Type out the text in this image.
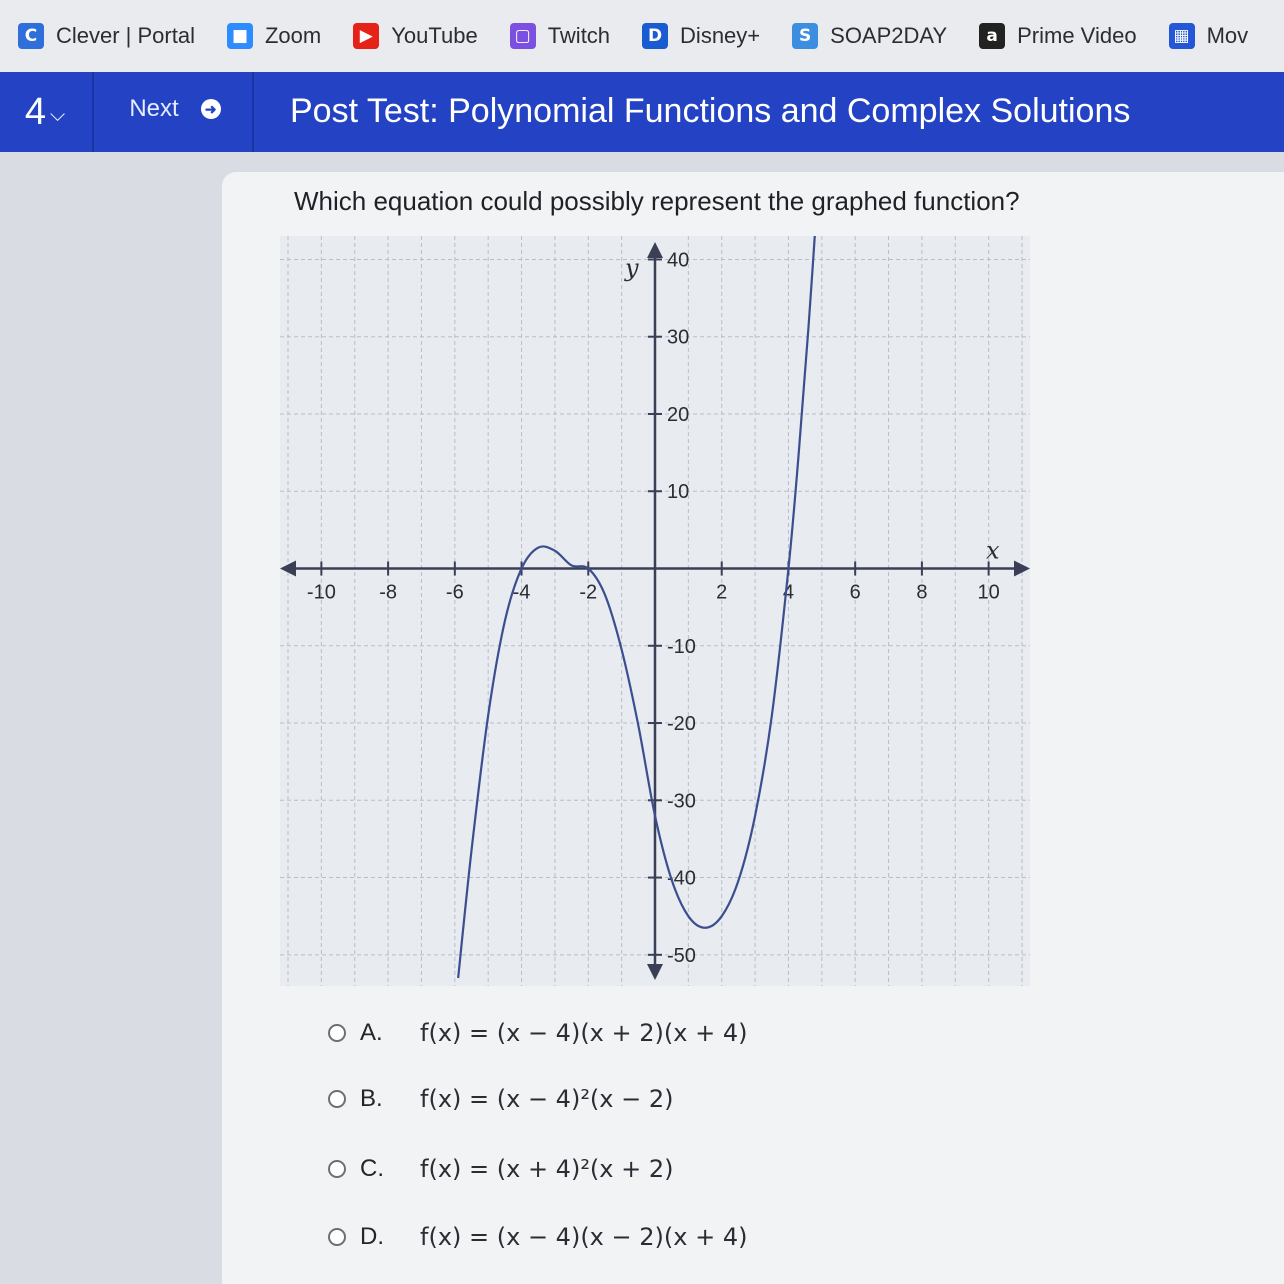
C Clever | Portal ■ Zoom	▶ YouTube ▢ Twitch	D Disney+	S SOAP2DAY	a Prime Video ▦ Mov
4 ⌵	Next ➜ Post Test: Polynomial Functions and Complex Solutions
Which equation could possibly represent the graphed function?
-10 -8 -6 -4 -2	2	4	6	8	10
40
30
20
10
-10
-20
-30
-40
-50
x
y
A.	f(x) = (x − 4)(x + 2)(x + 4)
B.	f(x) = (x − 4)²(x − 2)
C.	f(x) = (x + 4)²(x + 2)
D.	f(x) = (x − 4)(x − 2)(x + 4)
